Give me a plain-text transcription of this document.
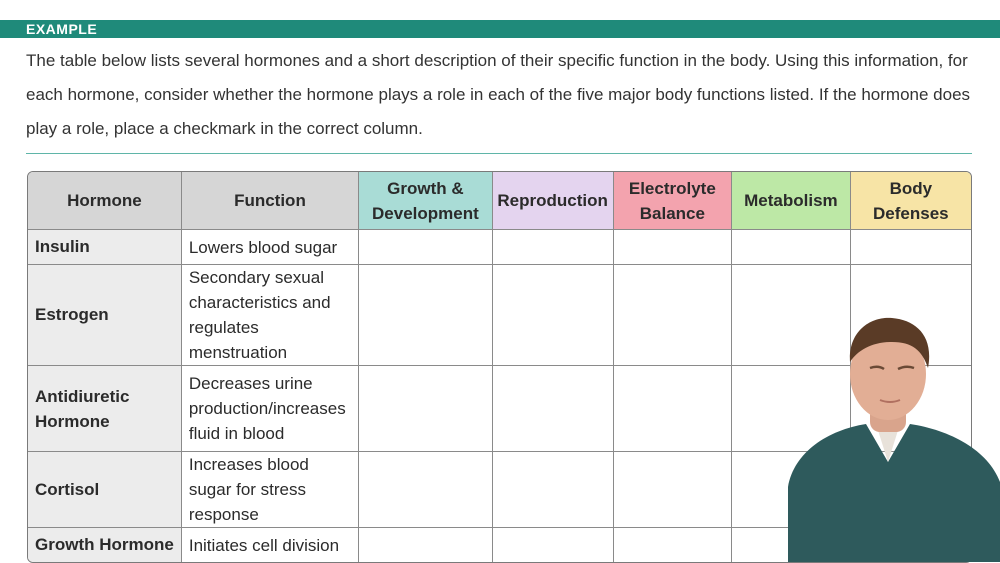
EXAMPLE

The table below lists several hormones and a short description of their specific function in the body. Using this information, for each hormone, consider whether the hormone plays a role in each of the five major body functions listed. If the hormone does play a role, place a checkmark in the correct column.

Hormone	Function	Growth & Development	Reproduction	Electrolyte Balance	Metabolism	Body Defenses
Insulin	Lowers blood sugar					
Estrogen	Secondary sexual characteristics and regulates menstruation					
Antidiuretic Hormone	Decreases urine production/increases fluid in blood					
Cortisol	Increases blood sugar for stress response					
Growth Hormone	Initiates cell division					
